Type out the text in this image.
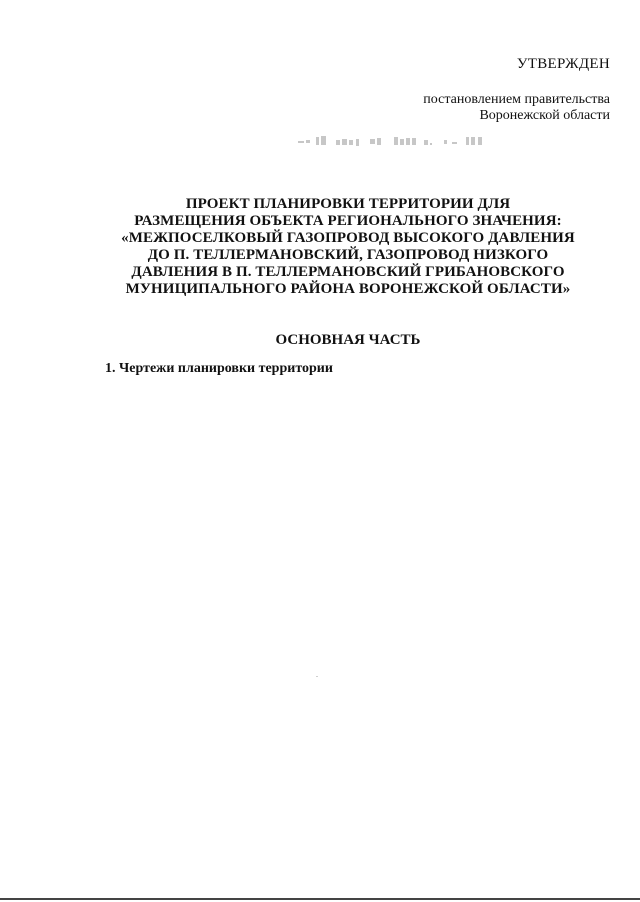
УТВЕРЖДЕН
постановлением правительства
Воронежской области
ПРОЕКТ ПЛАНИРОВКИ ТЕРРИТОРИИ ДЛЯ
РАЗМЕЩЕНИЯ ОБЪЕКТА РЕГИОНАЛЬНОГО ЗНАЧЕНИЯ:
«МЕЖПОСЕЛКОВЫЙ ГАЗОПРОВОД ВЫСОКОГО ДАВЛЕНИЯ
ДО П. ТЕЛЛЕРМАНОВСКИЙ, ГАЗОПРОВОД НИЗКОГО
ДАВЛЕНИЯ В П. ТЕЛЛЕРМАНОВСКИЙ ГРИБАНОВСКОГО
МУНИЦИПАЛЬНОГО РАЙОНА ВОРОНЕЖСКОЙ ОБЛАСТИ»
ОСНОВНАЯ ЧАСТЬ
1. Чертежи планировки территории
